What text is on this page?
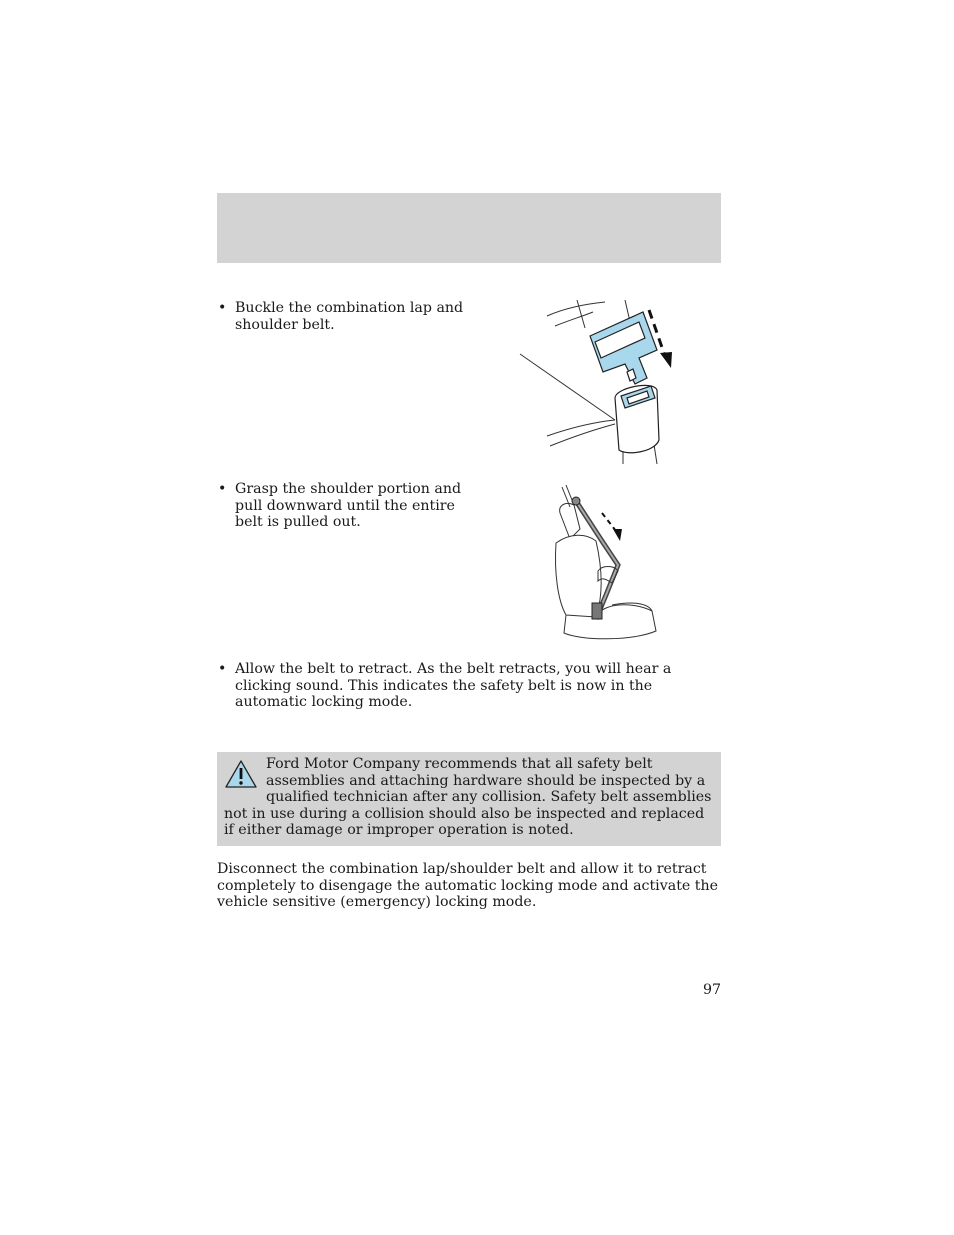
• Buckle the combination lap and shoulder belt.
• Grasp the shoulder portion and pull downward until the entire belt is pulled out.
• Allow the belt to retract. As the belt retracts, you will hear a clicking sound. This indicates the safety belt is now in the automatic locking mode.
Ford Motor Company recommends that all safety belt assemblies and attaching hardware should be inspected by a qualified technician after any collision. Safety belt assemblies not in use during a collision should also be inspected and replaced if either damage or improper operation is noted.
Disconnect the combination lap/shoulder belt and allow it to retract completely to disengage the automatic locking mode and activate the vehicle sensitive (emergency) locking mode.
97
